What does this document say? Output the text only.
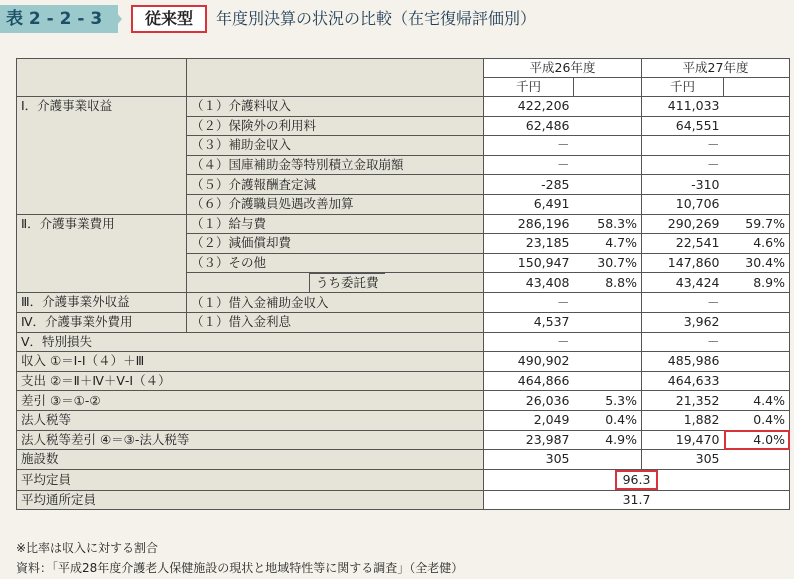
表 2 - 2 - 3	従来型	年度別決算の状況の比較（在宅復帰評価別）
		平成26年度		平成27年度	
		千円		千円	
Ⅰ．介護事業収益	（１）介護料収入	422,206		411,033	
	（２）保険外の利用料	62,486		64,551	
	（３）補助金収入	－		－	
	（４）国庫補助金等特別積立金取崩額	－		－	
	（５）介護報酬査定減	-285		-310	
	（６）介護職員処遇改善加算	6,491		10,706	
Ⅱ．介護事業費用	（１）給与費	286,196	58.3%	290,269	59.7%
	（２）減価償却費	23,185	4.7%	22,541	4.6%
	（３）その他	150,947	30.7%	147,860	30.4%
	うち委託費	43,408	8.8%	43,424	8.9%
Ⅲ．介護事業外収益	（１）借入金補助金収入	－		－	
Ⅳ．介護事業外費用	（１）借入金利息	4,537		3,962	
Ⅴ．特別損失		－		－	
収入 ①＝Ⅰ-Ⅰ（４）＋Ⅲ		490,902		485,986	
支出 ②＝Ⅱ＋Ⅳ＋Ⅴ-Ⅰ（４）		464,866		464,633	
差引 ③＝①-②		26,036	5.3%	21,352	4.4%
法人税等		2,049	0.4%	1,882	0.4%
法人税等差引 ④＝③-法人税等		23,987	4.9%	19,470	4.0%
施設数		305		305	
平均定員		96.3			
平均通所定員		31.7			
※比率は収入に対する割合
資料：「平成28年度介護老人保健施設の現状と地域特性等に関する調査」（全老健）
